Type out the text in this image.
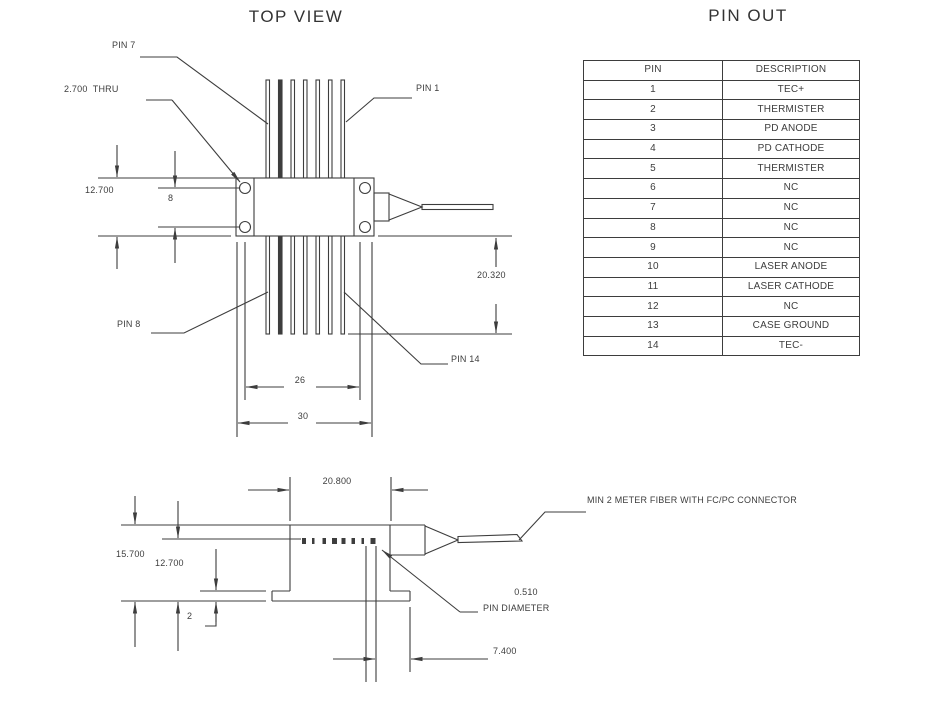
TOP VIEW	PIN OUT
PIN 7
2.700  THRU	PIN 1
12.700
8
PIN 8
PIN 14
20.320
26
30
20.800
15.700
12.700
2
7.400
0.510
PIN DIAMETER
MIN 2 METER FIBER WITH FC/PC CONNECTOR
PIN	DESCRIPTION
1	TEC+
2	THERMISTER
3	PD ANODE
4	PD CATHODE
5	THERMISTER
6	NC
7	NC
8	NC
9	NC
10	LASER ANODE
11	LASER CATHODE
12	NC
13	CASE GROUND
14	TEC-
